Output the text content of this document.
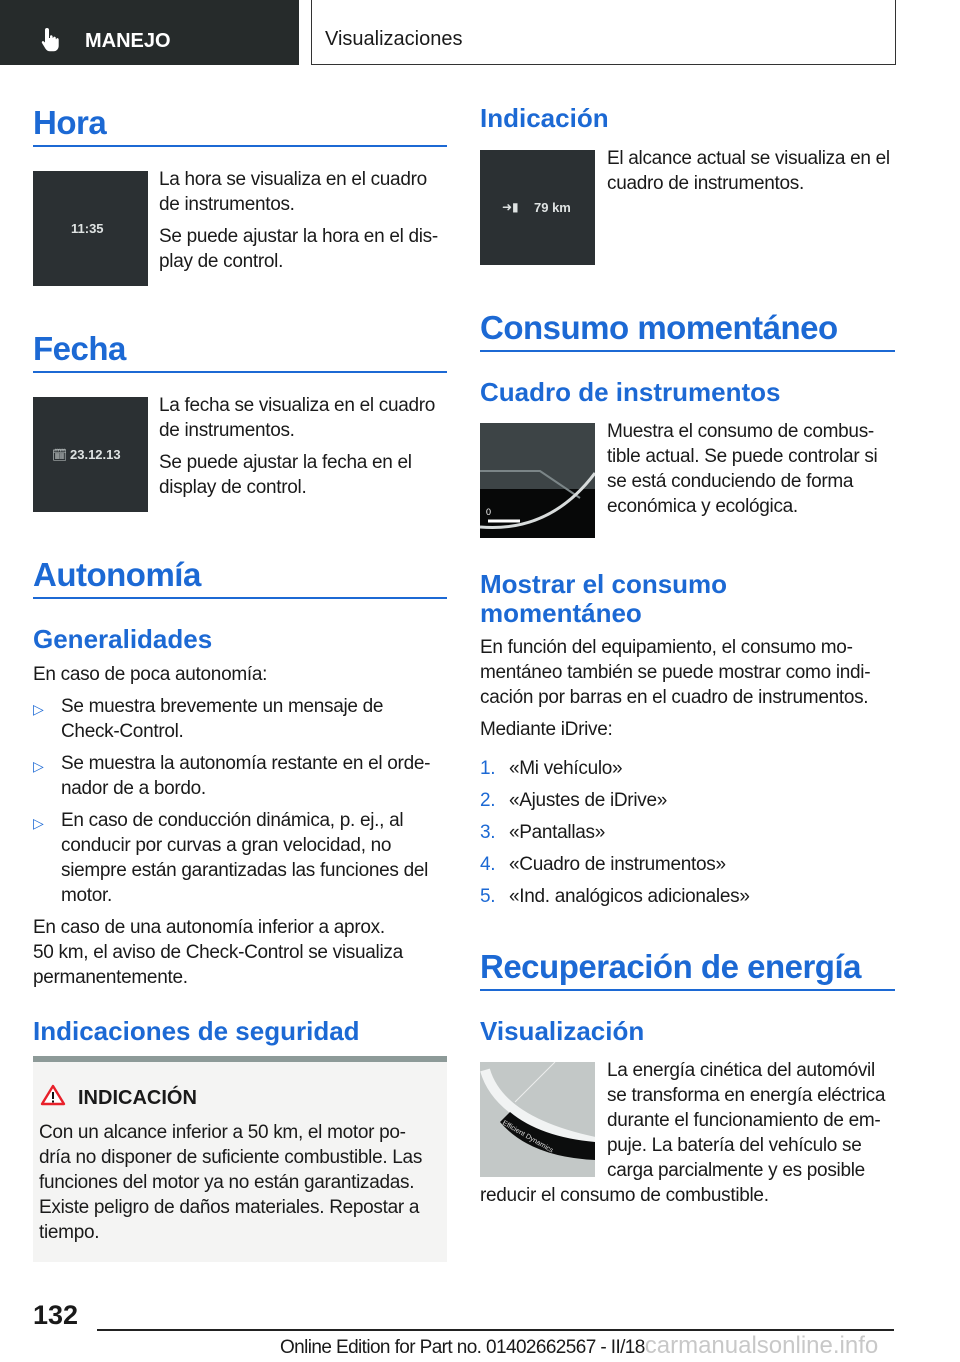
MANEJO	Visualizaciones
Hora
11:35
La hora se visualiza en el cuadro
de instrumentos.
Se puede ajustar la hora en el dis-
play de control.
Fecha
🗓︎ 23.12.13
La fecha se visualiza en el cuadro
de instrumentos.
Se puede ajustar la fecha en el
display de control.
Autonomía
Generalidades
En caso de poca autonomía:
▷ Se muestra brevemente un mensaje de
Check-Control.
▷ Se muestra la autonomía restante en el orde-
nador de a bordo.
▷ En caso de conducción dinámica, p. ej., al
conducir por curvas a gran velocidad, no
siempre están garantizadas las funciones del
motor.
En caso de una autonomía inferior a aprox.
50 km, el aviso de Check-Control se visualiza
permanentemente.
Indicaciones de seguridad
INDICACIÓN
Con un alcance inferior a 50 km, el motor po-
dría no disponer de suficiente combustible. Las
funciones del motor ya no están garantizadas.
Existe peligro de daños materiales. Repostar a
tiempo.
Indicación
➜▮ 79 km
El alcance actual se visualiza en el
cuadro de instrumentos.
Consumo momentáneo
Cuadro de instrumentos
0
Muestra el consumo de combus-
tible actual. Se puede controlar si
se está conduciendo de forma
económica y ecológica.
Mostrar el consumo
momentáneo
En función del equipamiento, el consumo mo-
mentáneo también se puede mostrar como indi-
cación por barras en el cuadro de instrumentos.
Mediante iDrive:
1. «Mi vehículo»
2. «Ajustes de iDrive»
3. «Pantallas»
4. «Cuadro de instrumentos»
5. «Ind. analógicos adicionales»
Recuperación de energía
Visualización
Efficient Dynamics
La energía cinética del automóvil
se transforma en energía eléctrica
durante el funcionamiento de em-
puje. La batería del vehículo se
carga parcialmente y es posible
reducir el consumo de combustible.
132
Online Edition for Part no. 01402662567 - II/18carmanualsonline.info
